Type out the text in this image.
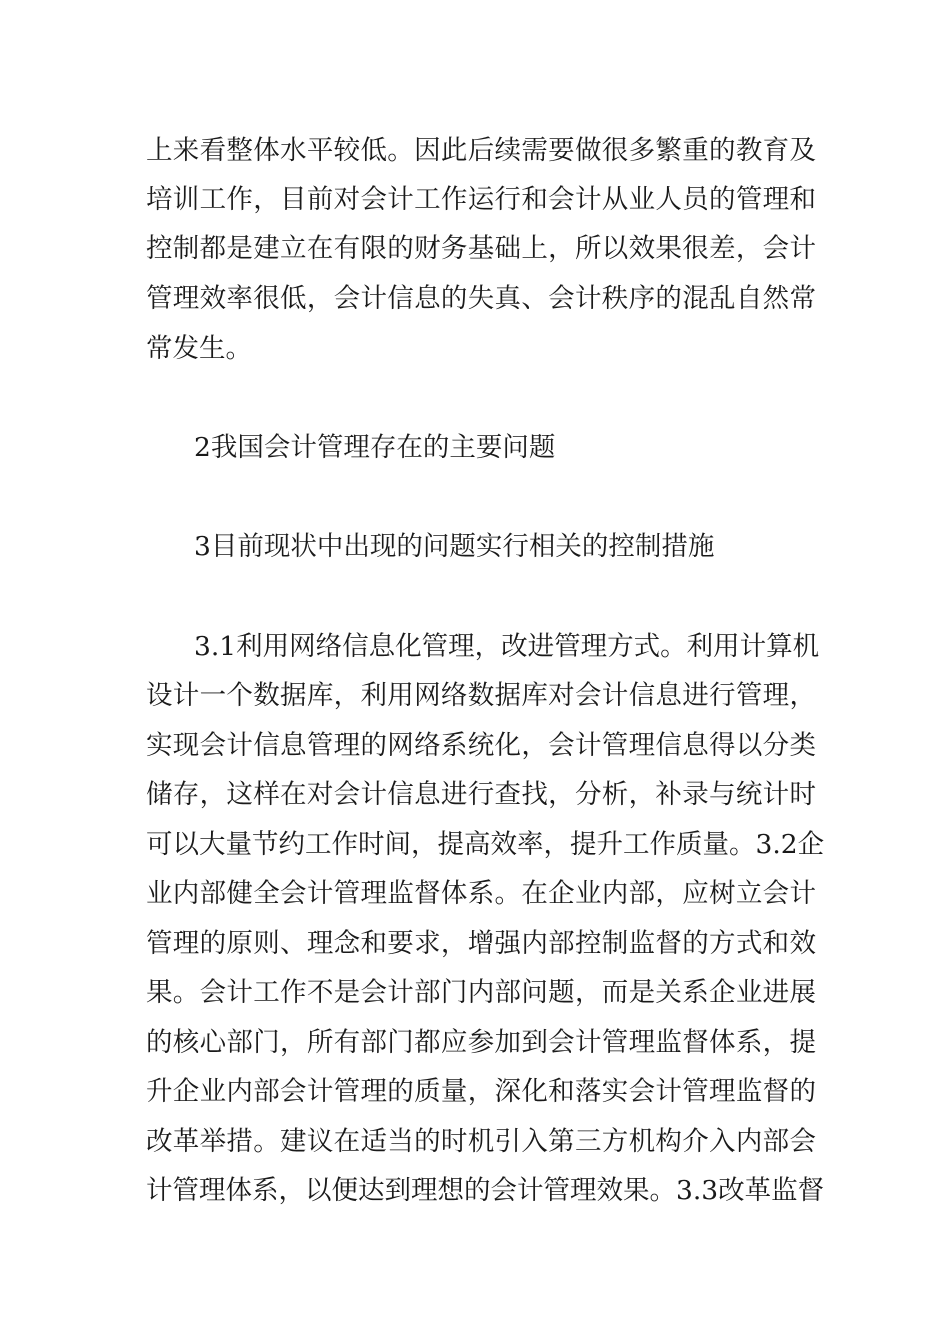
上来看整体水平较低。因此后续需要做很多繁重的教育及

培训工作，目前对会计工作运行和会计从业人员的管理和

控制都是建立在有限的财务基础上，所以效果很差，会计

管理效率很低，会计信息的失真、会计秩序的混乱自然常

常发生。

2我国会计管理存在的主要问题

3目前现状中出现的问题实行相关的控制措施

3.1利用网络信息化管理，改进管理方式。利用计算机

设计一个数据库，利用网络数据库对会计信息进行管理，

实现会计信息管理的网络系统化，会计管理信息得以分类

储存，这样在对会计信息进行查找，分析，补录与统计时

可以大量节约工作时间，提高效率，提升工作质量。3.2企

业内部健全会计管理监督体系。在企业内部，应树立会计

管理的原则、理念和要求，增强内部控制监督的方式和效

果。会计工作不是会计部门内部问题，而是关系企业进展

的核心部门，所有部门都应参加到会计管理监督体系，提

升企业内部会计管理的质量，深化和落实会计管理监督的

改革举措。建议在适当的时机引入第三方机构介入内部会

计管理体系，以便达到理想的会计管理效果。3.3改革监督
